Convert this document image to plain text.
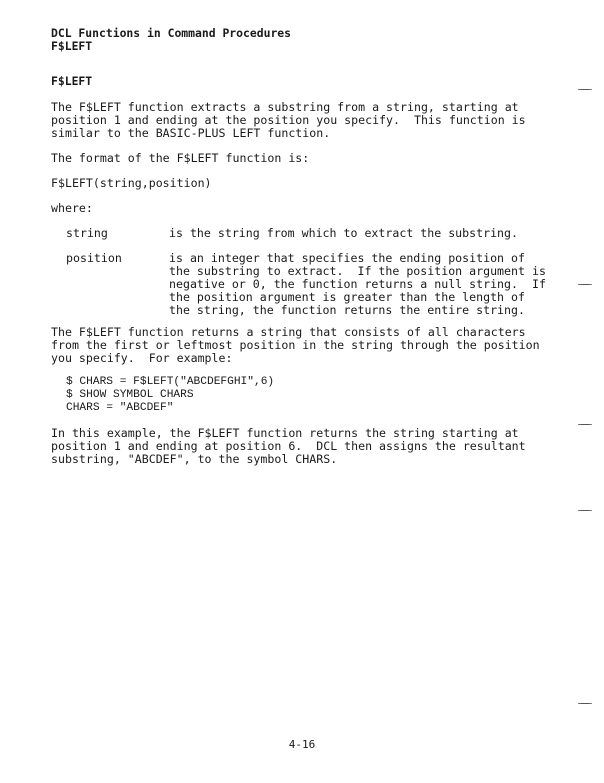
DCL Functions in Command Procedures
F$LEFT
F$LEFT
The F$LEFT function extracts a substring from a string, starting at
position 1 and ending at the position you specify.  This function is
similar to the BASIC-PLUS LEFT function.
The format of the F$LEFT function is:
F$LEFT(string,position)
where:
string	is the string from which to extract the substring.
position	is an integer that specifies the ending position of
the substring to extract.  If the position argument is
negative or 0, the function returns a null string.  If
the position argument is greater than the length of
the string, the function returns the entire string.
The F$LEFT function returns a string that consists of all characters
from the first or leftmost position in the string through the position
you specify.  For example:
$ CHARS = F$LEFT("ABCDEFGHI",6)
$ SHOW SYMBOL CHARS
CHARS = "ABCDEF"
In this example, the F$LEFT function returns the string starting at
position 1 and ending at position 6.  DCL then assigns the resultant
substring, "ABCDEF", to the symbol CHARS.
4-16
